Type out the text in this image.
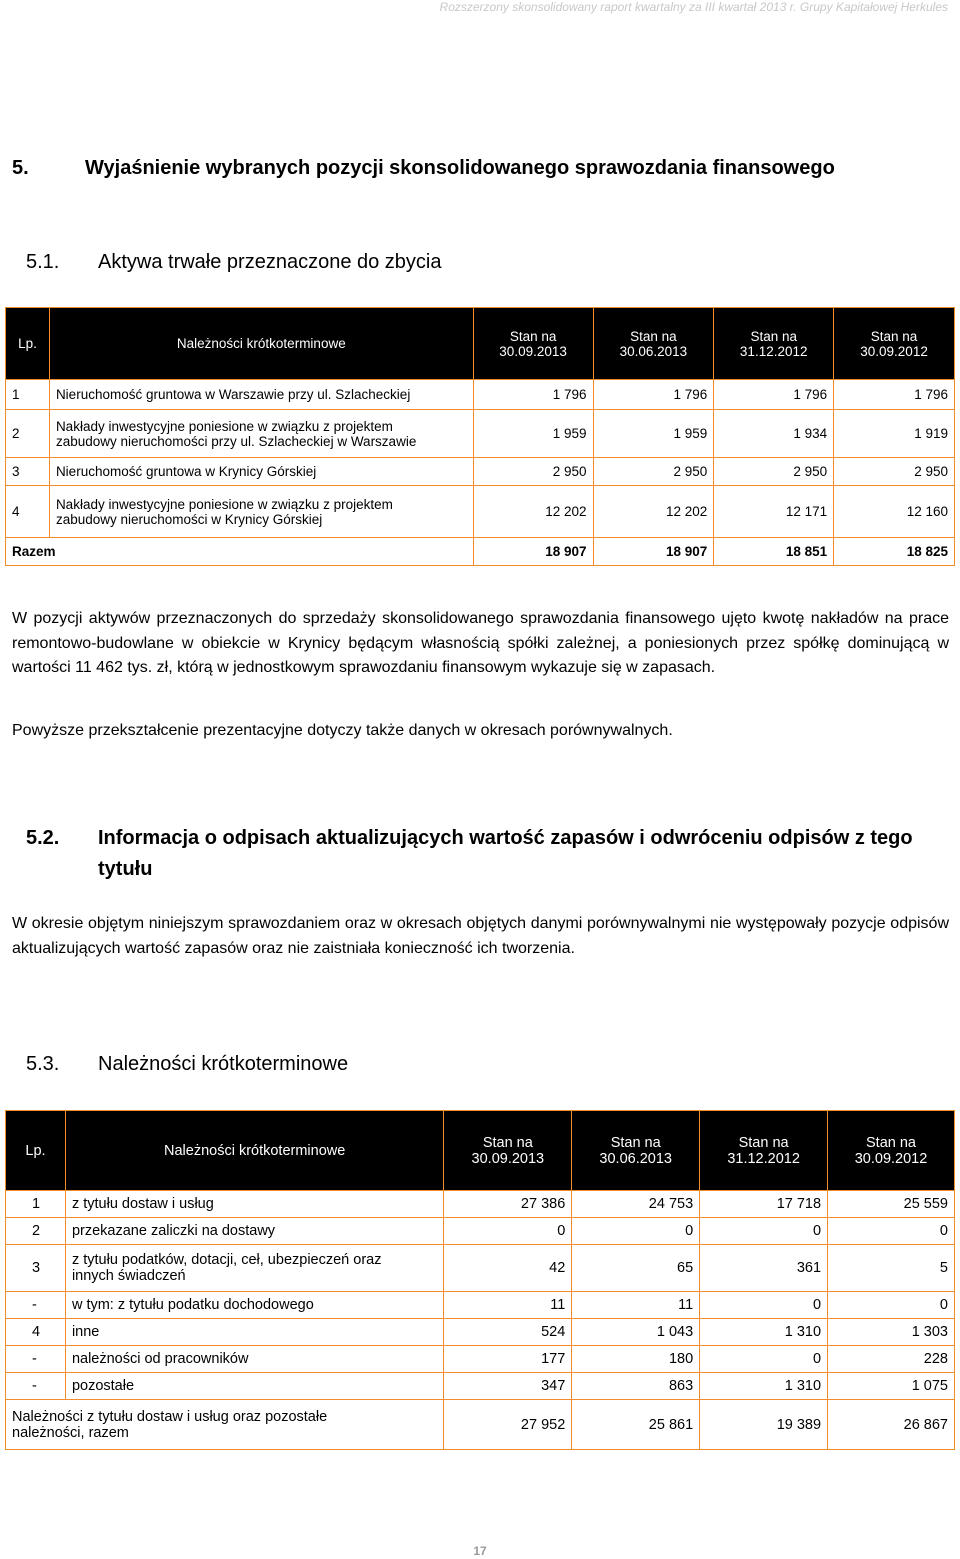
Rozszerzony skonsolidowany raport kwartalny za III kwartał 2013 r. Grupy Kapitałowej Herkules
5.	Wyjaśnienie wybranych pozycji skonsolidowanego sprawozdania finansowego
5.1. Aktywa trwałe przeznaczone do zbycia
Lp.	Należności krótkoterminowe	Stan na 30.09.2013	Stan na 30.06.2013	Stan na 31.12.2012	Stan na 30.09.2012
1	Nieruchomość gruntowa w Warszawie przy ul. Szlacheckiej	1 796	1 796	1 796	1 796
2	Nakłady inwestycyjne poniesione w związku z projektem zabudowy nieruchomości przy ul. Szlacheckiej w Warszawie	1 959	1 959	1 934	1 919
3	Nieruchomość gruntowa w Krynicy Górskiej	2 950	2 950	2 950	2 950
4	Nakłady inwestycyjne poniesione w związku z projektem zabudowy nieruchomości w Krynicy Górskiej	12 202	12 202	12 171	12 160
Razem		18 907	18 907	18 851	18 825
W pozycji aktywów przeznaczonych do sprzedaży skonsolidowanego sprawozdania finansowego ujęto kwotę nakładów na prace remontowo-budowlane w obiekcie w Krynicy będącym własnością spółki zależnej, a poniesionych przez spółkę dominującą w wartości 11 462 tys. zł, którą w jednostkowym sprawozdaniu finansowym wykazuje się w zapasach.
Powyższe przekształcenie prezentacyjne dotyczy także danych w okresach porównywalnych.
5.2. Informacja o odpisach aktualizujących wartość zapasów i odwróceniu odpisów z tego tytułu
W okresie objętym niniejszym sprawozdaniem oraz w okresach objętych danymi porównywalnymi nie występowały pozycje odpisów aktualizujących wartość zapasów oraz nie zaistniała konieczność ich tworzenia.
5.3. Należności krótkoterminowe
Lp.	Należności krótkoterminowe	Stan na 30.09.2013	Stan na 30.06.2013	Stan na 31.12.2012	Stan na 30.09.2012
1	z tytułu dostaw i usług	27 386	24 753	17 718	25 559
2	przekazane zaliczki na dostawy	0	0	0	0
3	z tytułu podatków, dotacji, ceł, ubezpieczeń oraz innych świadczeń	42	65	361	5
-	w tym: z tytułu podatku dochodowego	11	11	0	0
4	inne	524	1 043	1 310	1 303
-	należności od pracowników	177	180	0	228
-	pozostałe	347	863	1 310	1 075
Należności z tytułu dostaw i usług oraz pozostałe należności, razem		27 952	25 861	19 389	26 867
17
